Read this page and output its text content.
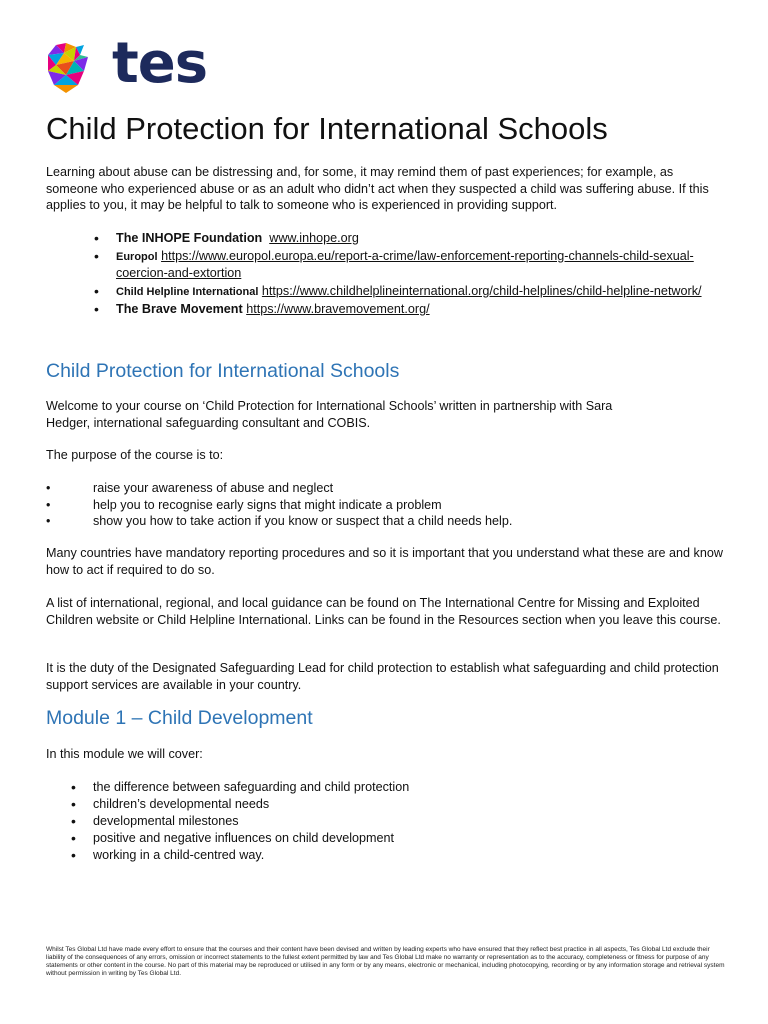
tes
Child Protection for International Schools

Learning about abuse can be distressing and, for some, it may remind them of past experiences; for example, as someone who experienced abuse or as an adult who didn’t act when they suspected a child was suffering abuse. If this applies to you, it may be helpful to talk to someone who is experienced in providing support.

• The INHOPE Foundation www.inhope.org
• Europol https://www.europol.europa.eu/report-a-crime/law-enforcement-reporting-channels-child-sexual-coercion-and-extortion
• Child Helpline International https://www.childhelplineinternational.org/child-helplines/child-helpline-network/
• The Brave Movement https://www.bravemovement.org/
Child Protection for International Schools

Welcome to your course on ‘Child Protection for International Schools’ written in partnership with Sara Hedger, international safeguarding consultant and COBIS.

The purpose of the course is to:

• raise your awareness of abuse and neglect
• help you to recognise early signs that might indicate a problem
• show you how to take action if you know or suspect that a child needs help.

Many countries have mandatory reporting procedures and so it is important that you understand what these are and know how to act if required to do so.

A list of international, regional, and local guidance can be found on The International Centre for Missing and Exploited Children website or Child Helpline International. Links can be found in the Resources section when you leave this course.

It is the duty of the Designated Safeguarding Lead for child protection to establish what safeguarding and child protection support services are available in your country.

Module 1 – Child Development

In this module we will cover:

• the difference between safeguarding and child protection
• children’s developmental needs
• developmental milestones
• positive and negative influences on child development
• working in a child-centred way.

Whilst Tes Global Ltd have made every effort to ensure that the courses and their content have been devised and written by leading experts who have ensured that they reflect best practice in all aspects, Tes Global Ltd exclude their liability of the consequences of any errors, omission or incorrect statements to the fullest extent permitted by law and Tes Global Ltd make no warranty or representation as to the accuracy, completeness or fitness for purpose of any statements or other content in the course. No part of this material may be reproduced or utilised in any form or by any means, electronic or mechanical, including photocopying, recording or by any information storage and retrieval system without permission in writing by Tes Global Ltd.
